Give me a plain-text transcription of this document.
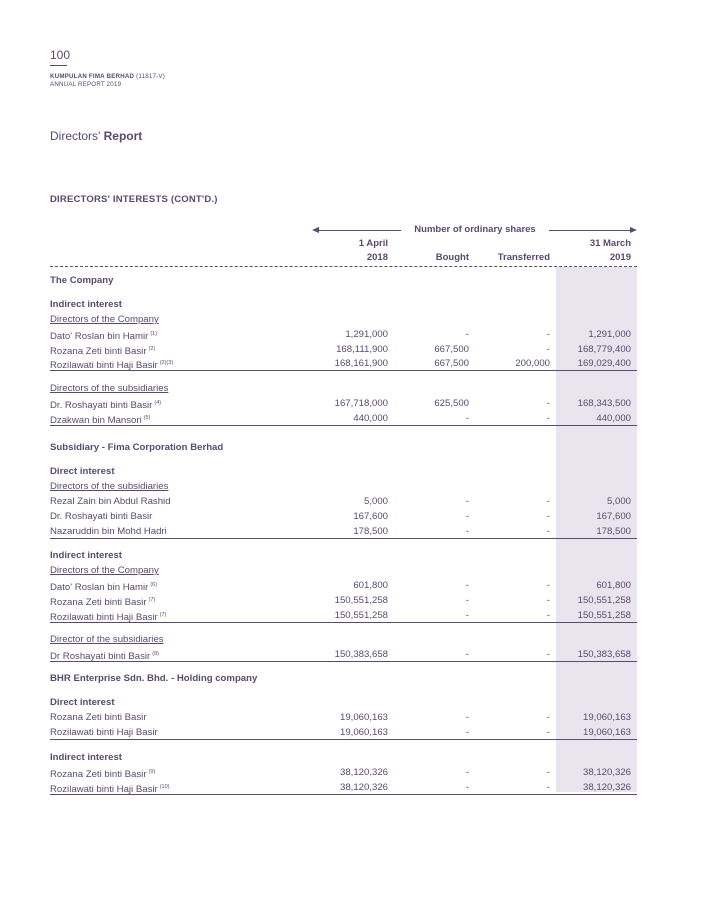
100
KUMPULAN FIMA BERHAD (11817-V)
ANNUAL REPORT 2019
Directors' Report
DIRECTORS' INTERESTS (CONT'D.)
Number of ordinary shares
1 April
2018	Bought	Transferred
31 March
2019
The Company
Indirect interest
Directors of the Company
Dato' Roslan bin Hamir $^{(1)}$	1,291,000	-	-	1,291,000
Rozana Zeti binti Basir $^{(2)}$	168,111,900	667,500	-	168,779,400
Rozilawati binti Haji Basir $^{(2)(3)}$	168,161,900	667,500	200,000	169,029,400
Directors of the subsidiaries
Dr. Roshayati binti Basir $^{(4)}$	167,718,000	625,500	-	168,343,500
Dzakwan bin Mansori $^{(5)}$	440,000	-	-	440,000
Subsidiary - Fima Corporation Berhad
Direct interest
Directors of the subsidiaries
Rezal Zain bin Abdul Rashid	5,000	-	-	5,000
Dr. Roshayati binti Basir	167,600	-	-	167,600
Nazaruddin bin Mohd Hadri	178,500	-	-	178,500
Indirect interest
Directors of the Company
Dato' Roslan bin Hamir $^{(6)}$	601,800	-	-	601,800
Rozana Zeti binti Basir $^{(7)}$	150,551,258	-	-	150,551,258
Rozilawati binti Haji Basir $^{(7)}$	150,551,258	-	-	150,551,258
Director of the subsidiaries
Dr Roshayati binti Basir $^{(8)}$	150,383,658	-	-	150,383,658
BHR Enterprise Sdn. Bhd. - Holding company
Direct interest
Rozana Zeti binti Basir	19,060,163	-	-	19,060,163
Rozilawati binti Haji Basir	19,060,163	-	-	19,060,163
Indirect interest
Rozana Zeti binti Basir $^{(9)}$	38,120,326	-	-	38,120,326
Rozilawati binti Haji Basir $^{(10)}$	38,120,326	-	-	38,120,326
